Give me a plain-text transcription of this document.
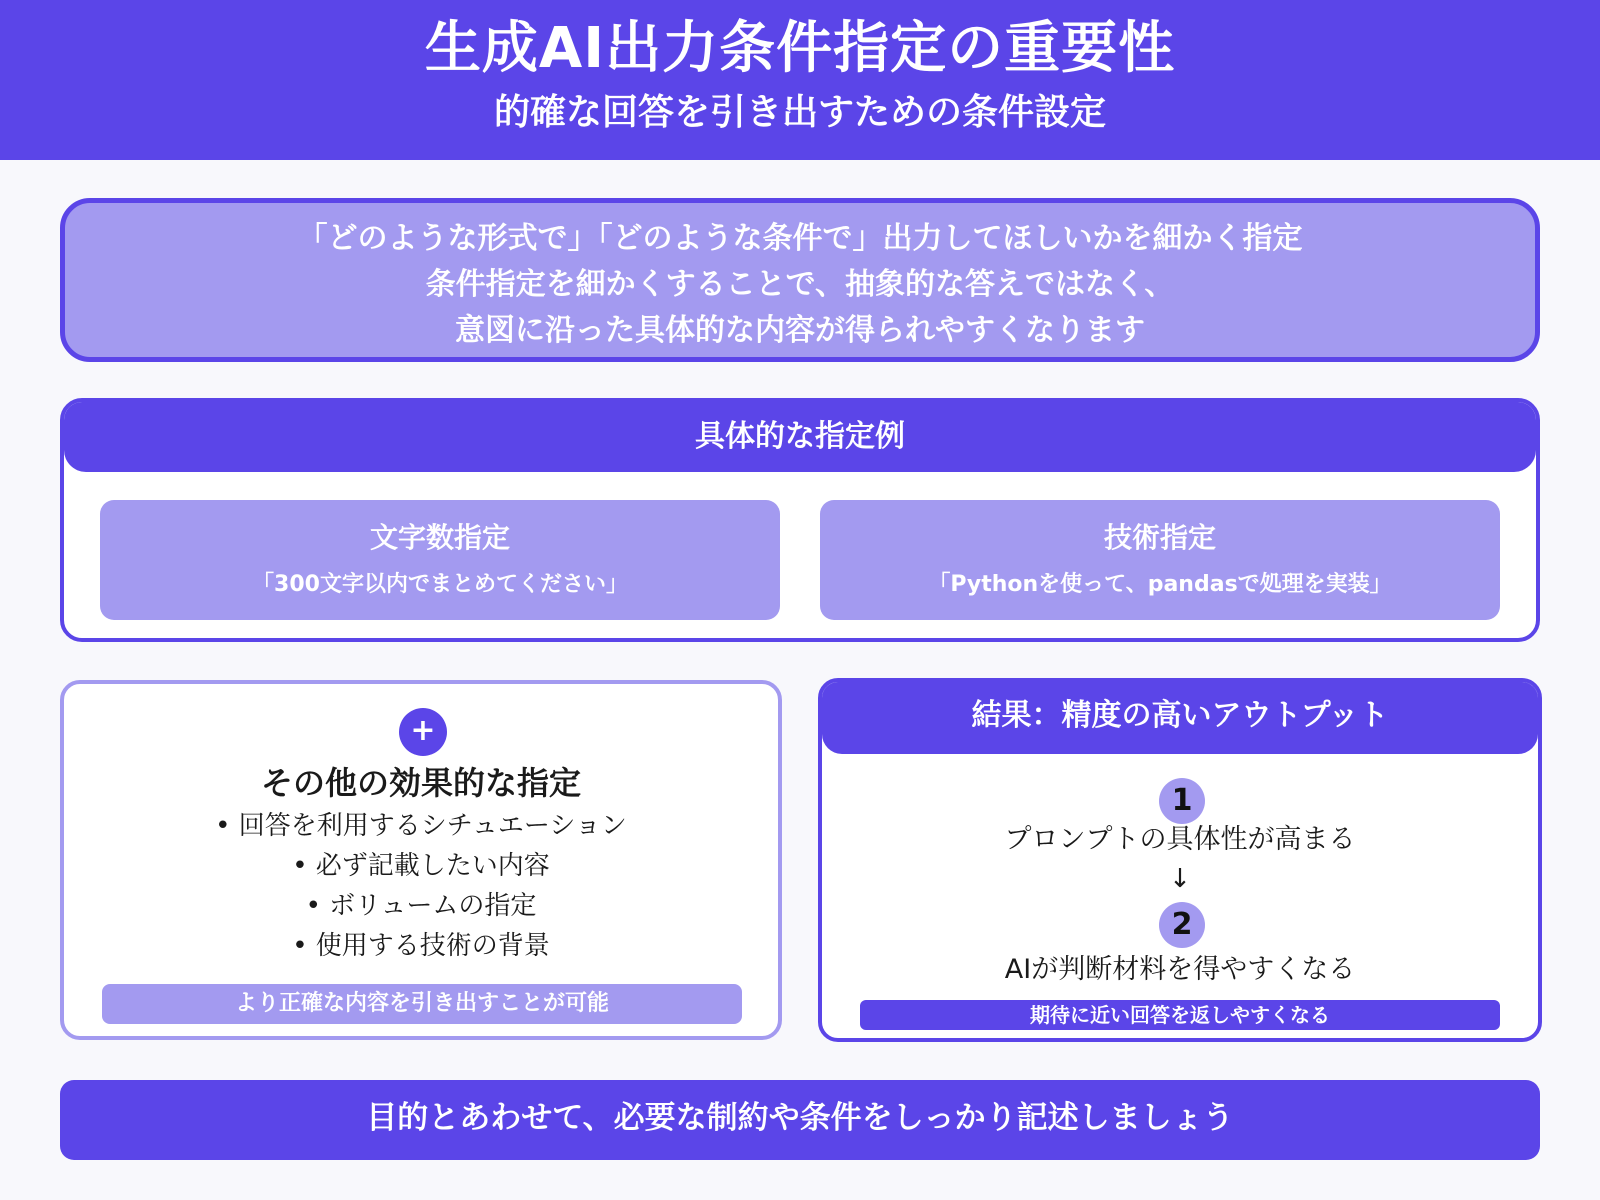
生成AI出力条件指定の重要性
的確な回答を引き出すための条件設定
「どのような形式で」「どのような条件で」出力してほしいかを細かく指定
条件指定を細かくすることで、抽象的な答えではなく、
意図に沿った具体的な内容が得られやすくなります
具体的な指定例
文字数指定
「300文字以内でまとめてください」
技術指定
「Pythonを使って、pandasで処理を実装」
+
その他の効果的な指定
• 回答を利用するシチュエーション
• 必ず記載したい内容
• ボリュームの指定
• 使用する技術の背景
より正確な内容を引き出すことが可能
結果：精度の高いアウトプット
1
プロンプトの具体性が高まる
↓
2
AIが判断材料を得やすくなる
期待に近い回答を返しやすくなる
目的とあわせて、必要な制約や条件をしっかり記述しましょう
